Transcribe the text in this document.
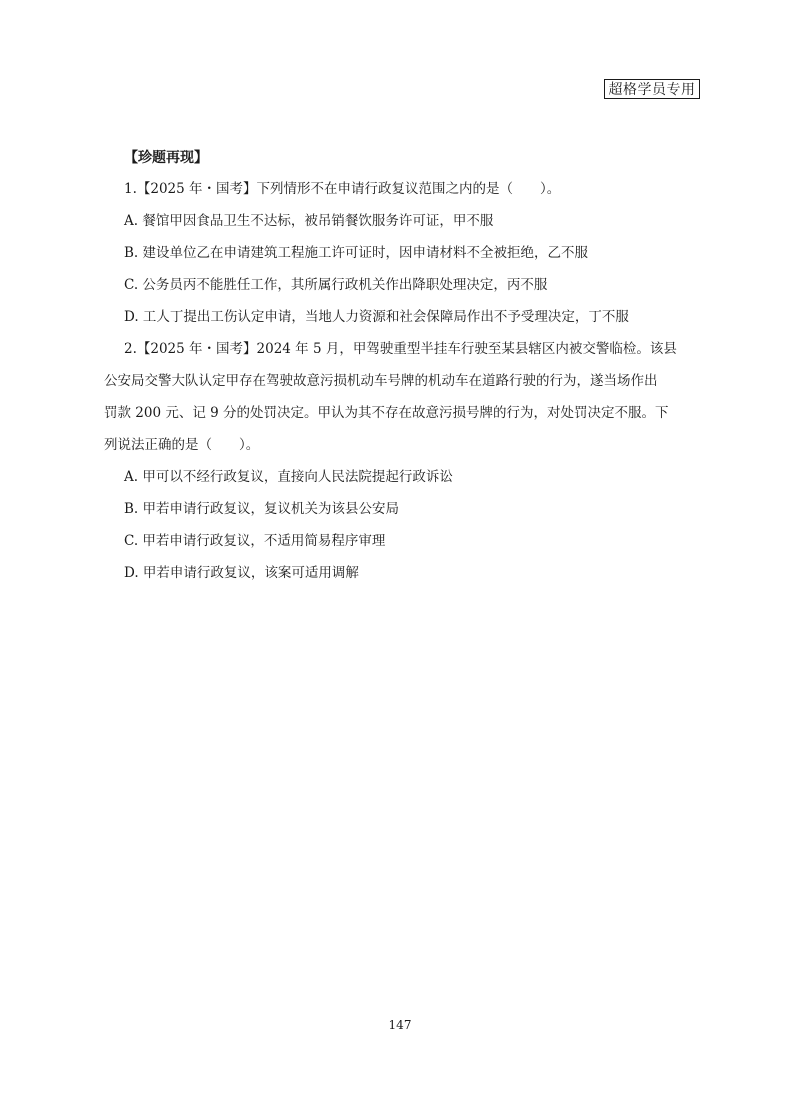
超格学员专用
【珍题再现】
1.【2025 年・国考】下列情形不在申请行政复议范围之内的是（　　）。
A. 餐馆甲因食品卫生不达标，被吊销餐饮服务许可证，甲不服
B. 建设单位乙在申请建筑工程施工许可证时，因申请材料不全被拒绝，乙不服
C. 公务员丙不能胜任工作，其所属行政机关作出降职处理决定，丙不服
D. 工人丁提出工伤认定申请，当地人力资源和社会保障局作出不予受理决定，丁不服
2.【2025 年・国考】2024 年 5 月，甲驾驶重型半挂车行驶至某县辖区内被交警临检。该县
公安局交警大队认定甲存在驾驶故意污损机动车号牌的机动车在道路行驶的行为，遂当场作出
罚款 200 元、记 9 分的处罚决定。甲认为其不存在故意污损号牌的行为，对处罚决定不服。下
列说法正确的是（　　）。
A. 甲可以不经行政复议，直接向人民法院提起行政诉讼
B. 甲若申请行政复议，复议机关为该县公安局
C. 甲若申请行政复议，不适用简易程序审理
D. 甲若申请行政复议，该案可适用调解
147
